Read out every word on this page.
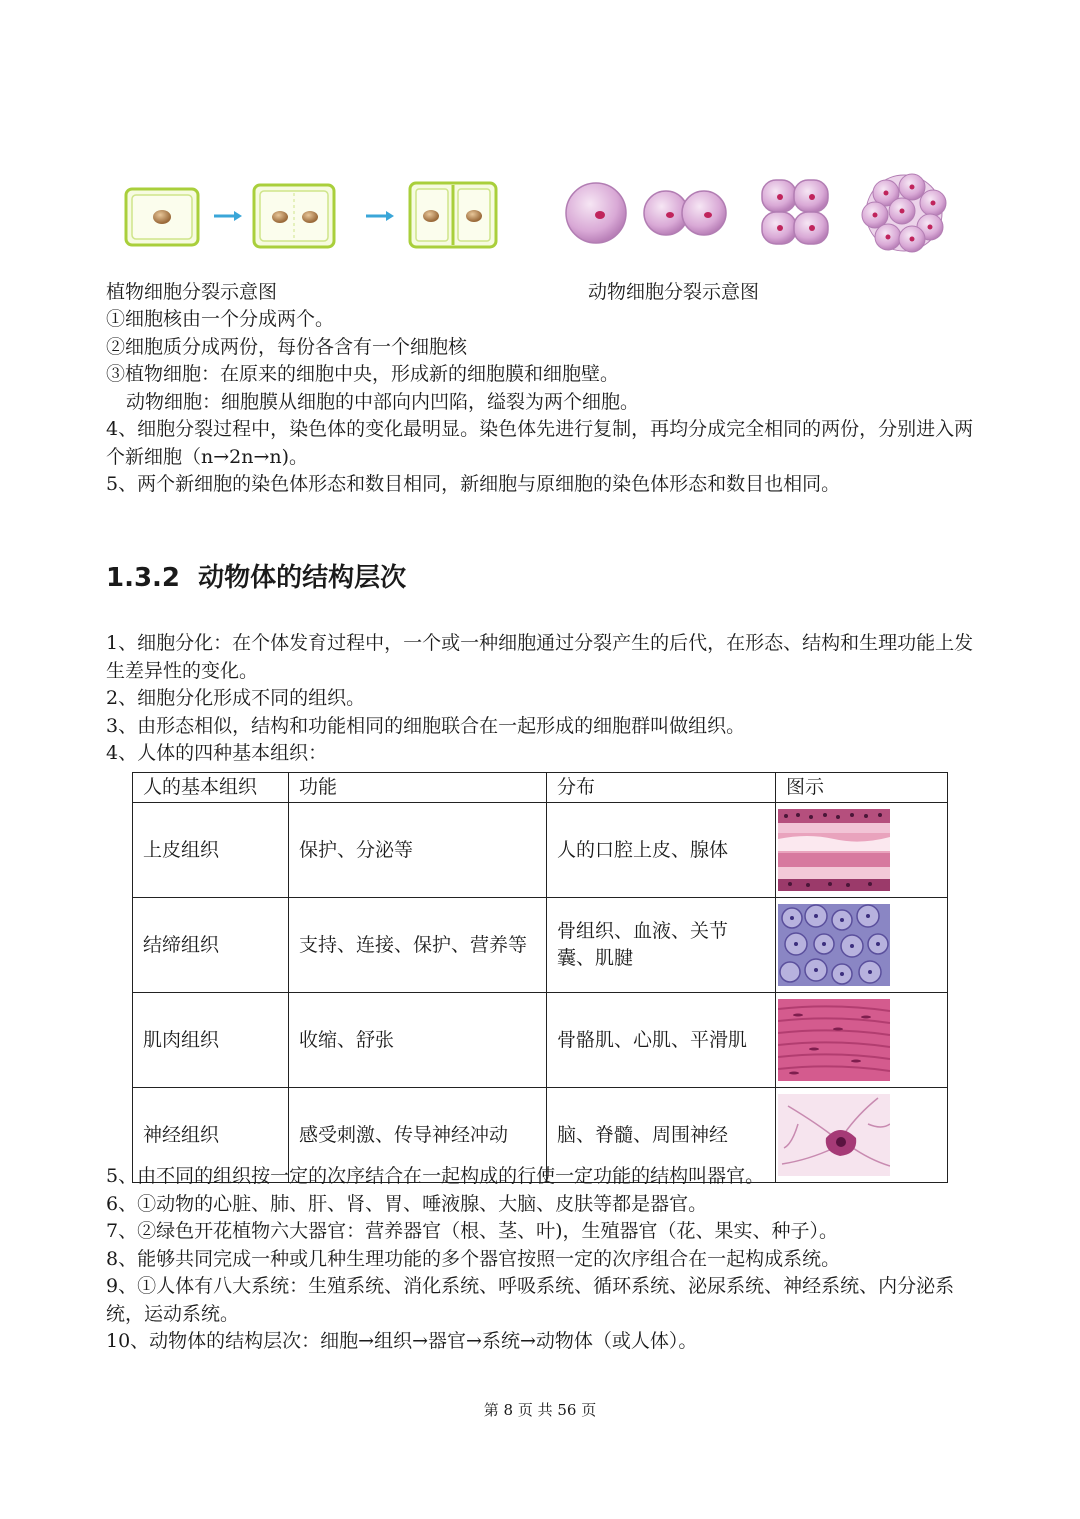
植物细胞分裂示意图	动物细胞分裂示意图

①细胞核由一个分成两个。

②细胞质分成两份，每份各含有一个细胞核

③植物细胞：在原来的细胞中央，形成新的细胞膜和细胞壁。

动物细胞：细胞膜从细胞的中部向内凹陷，缢裂为两个细胞。

4、细胞分裂过程中，染色体的变化最明显。染色体先进行复制，再均分成完全相同的两份，分别进入两个新细胞（n→2n→n)。

5、两个新细胞的染色体形态和数目相同，新细胞与原细胞的染色体形态和数目也相同。

1.3.2 动物体的结构层次

1、细胞分化：在个体发育过程中，一个或一种细胞通过分裂产生的后代，在形态、结构和生理功能上发生差异性的变化。

2、细胞分化形成不同的组织。

3、由形态相似，结构和功能相同的细胞联合在一起形成的细胞群叫做组织。

4、人体的四种基本组织：

人的基本组织	功能	分布	图示
上皮组织	保护、分泌等	人的口腔上皮、腺体	

结缔组织	支持、连接、保护、营养等	骨组织、血液、关节囊、肌腱	

肌肉组织	收缩、舒张	骨骼肌、心肌、平滑肌	

神经组织	感受刺激、传导神经冲动	脑、脊髓、周围神经	

5、由不同的组织按一定的次序结合在一起构成的行使一定功能的结构叫器官。

6、①动物的心脏、肺、肝、肾、胃、唾液腺、大脑、皮肤等都是器官。

7、②绿色开花植物六大器官：营养器官（根、茎、叶)，生殖器官（花、果实、种子）。

8、能够共同完成一种或几种生理功能的多个器官按照一定的次序组合在一起构成系统。

9、①人体有八大系统：生殖系统、消化系统、呼吸系统、循环系统、泌尿系统、神经系统、内分泌系统，运动系统。

10、动物体的结构层次：细胞→组织→器官→系统→动物体（或人体）。

第 8 页 共 56 页
